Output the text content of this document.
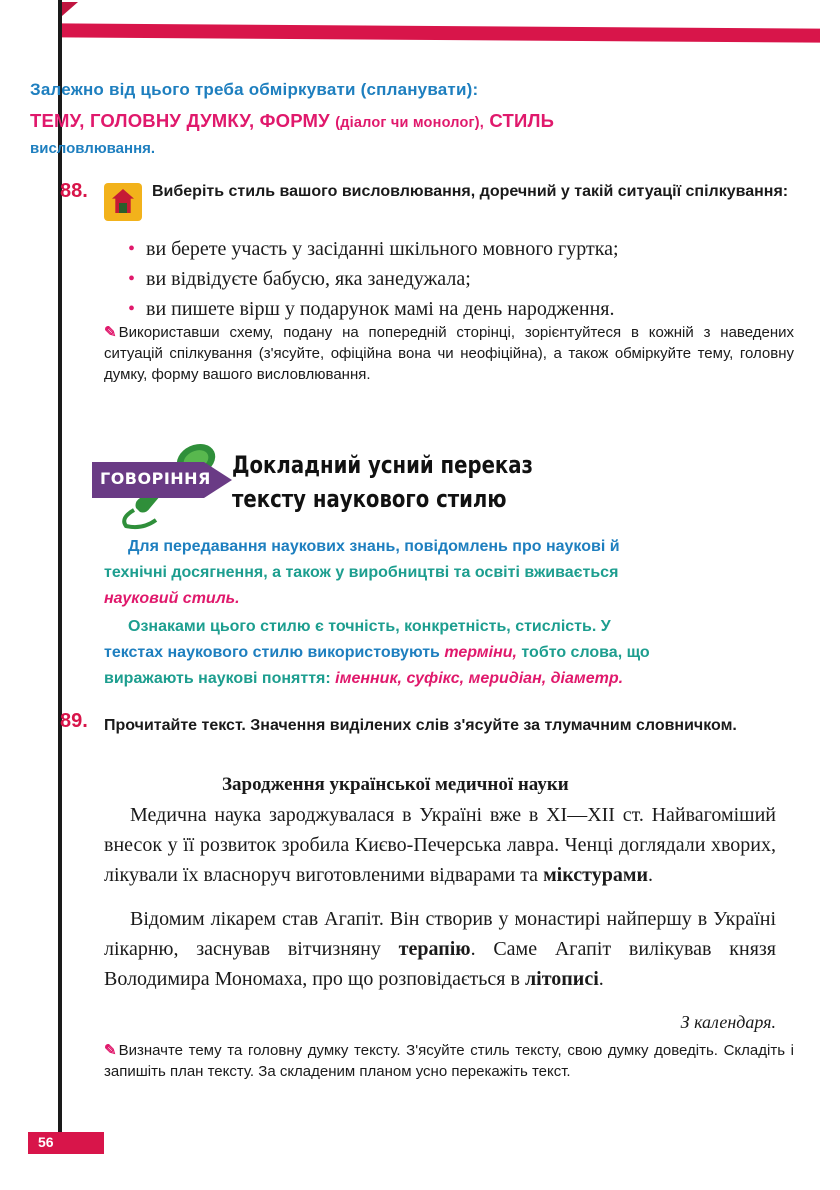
Залежно від цього треба обміркувати (спланувати):
ТЕМУ, ГОЛОВНУ ДУМКУ, ФОРМУ (діалог чи монолог), СТИЛЬ
висловлювання.
88.	Виберіть стиль вашого висловлювання, доречний у такій ситуації спілкування:
• ви берете участь у засіданні шкільного мовного гуртка;
• ви відвідуєте бабусю, яка занедужала;
• ви пишете вірш у подарунок мамі на день народження.
✎ Використавши схему, подану на попередній сторінці, зорієнтуйтеся в кожній з наведених ситуацій спілкування (з'ясуйте, офіційна вона чи неофіційна), а також обміркуйте тему, головну думку, форму вашого висловлювання.
ГОВОРІННЯ Докладний усний переказ
тексту наукового стилю
Для передавання наукових знань, повідомлень про наукові й
технічні досягнення, а також у виробництві та освіті вживається
науковий стиль.
Ознаками цього стилю є точність, конкретність, стислість. У
текстах наукового стилю використовують терміни, тобто слова, що
виражають наукові поняття: іменник, суфікс, меридіан, діаметр.
89. Прочитайте текст. Значення виділених слів з'ясуйте за тлумачним словничком.
Зародження української медичної науки

Медична наука зароджувалася в Україні вже в XI—XII ст. Найвагоміший внесок у її розвиток зробила Києво-Печерська лавра. Ченці доглядали хворих, лікували їх власноруч виготовленими відварами та мікстурами.

Відомим лікарем став Агапіт. Він створив у монастирі найпершу в Україні лікарню, заснував вітчизняну терапію. Саме Агапіт вилікував князя Володимира Мономаха, про що розповідається в літописі.

З календаря.
✎ Визначте тему та головну думку тексту. З'ясуйте стиль тексту, свою думку доведіть. Складіть і запишіть план тексту. За складеним планом усно перекажіть текст.
56
